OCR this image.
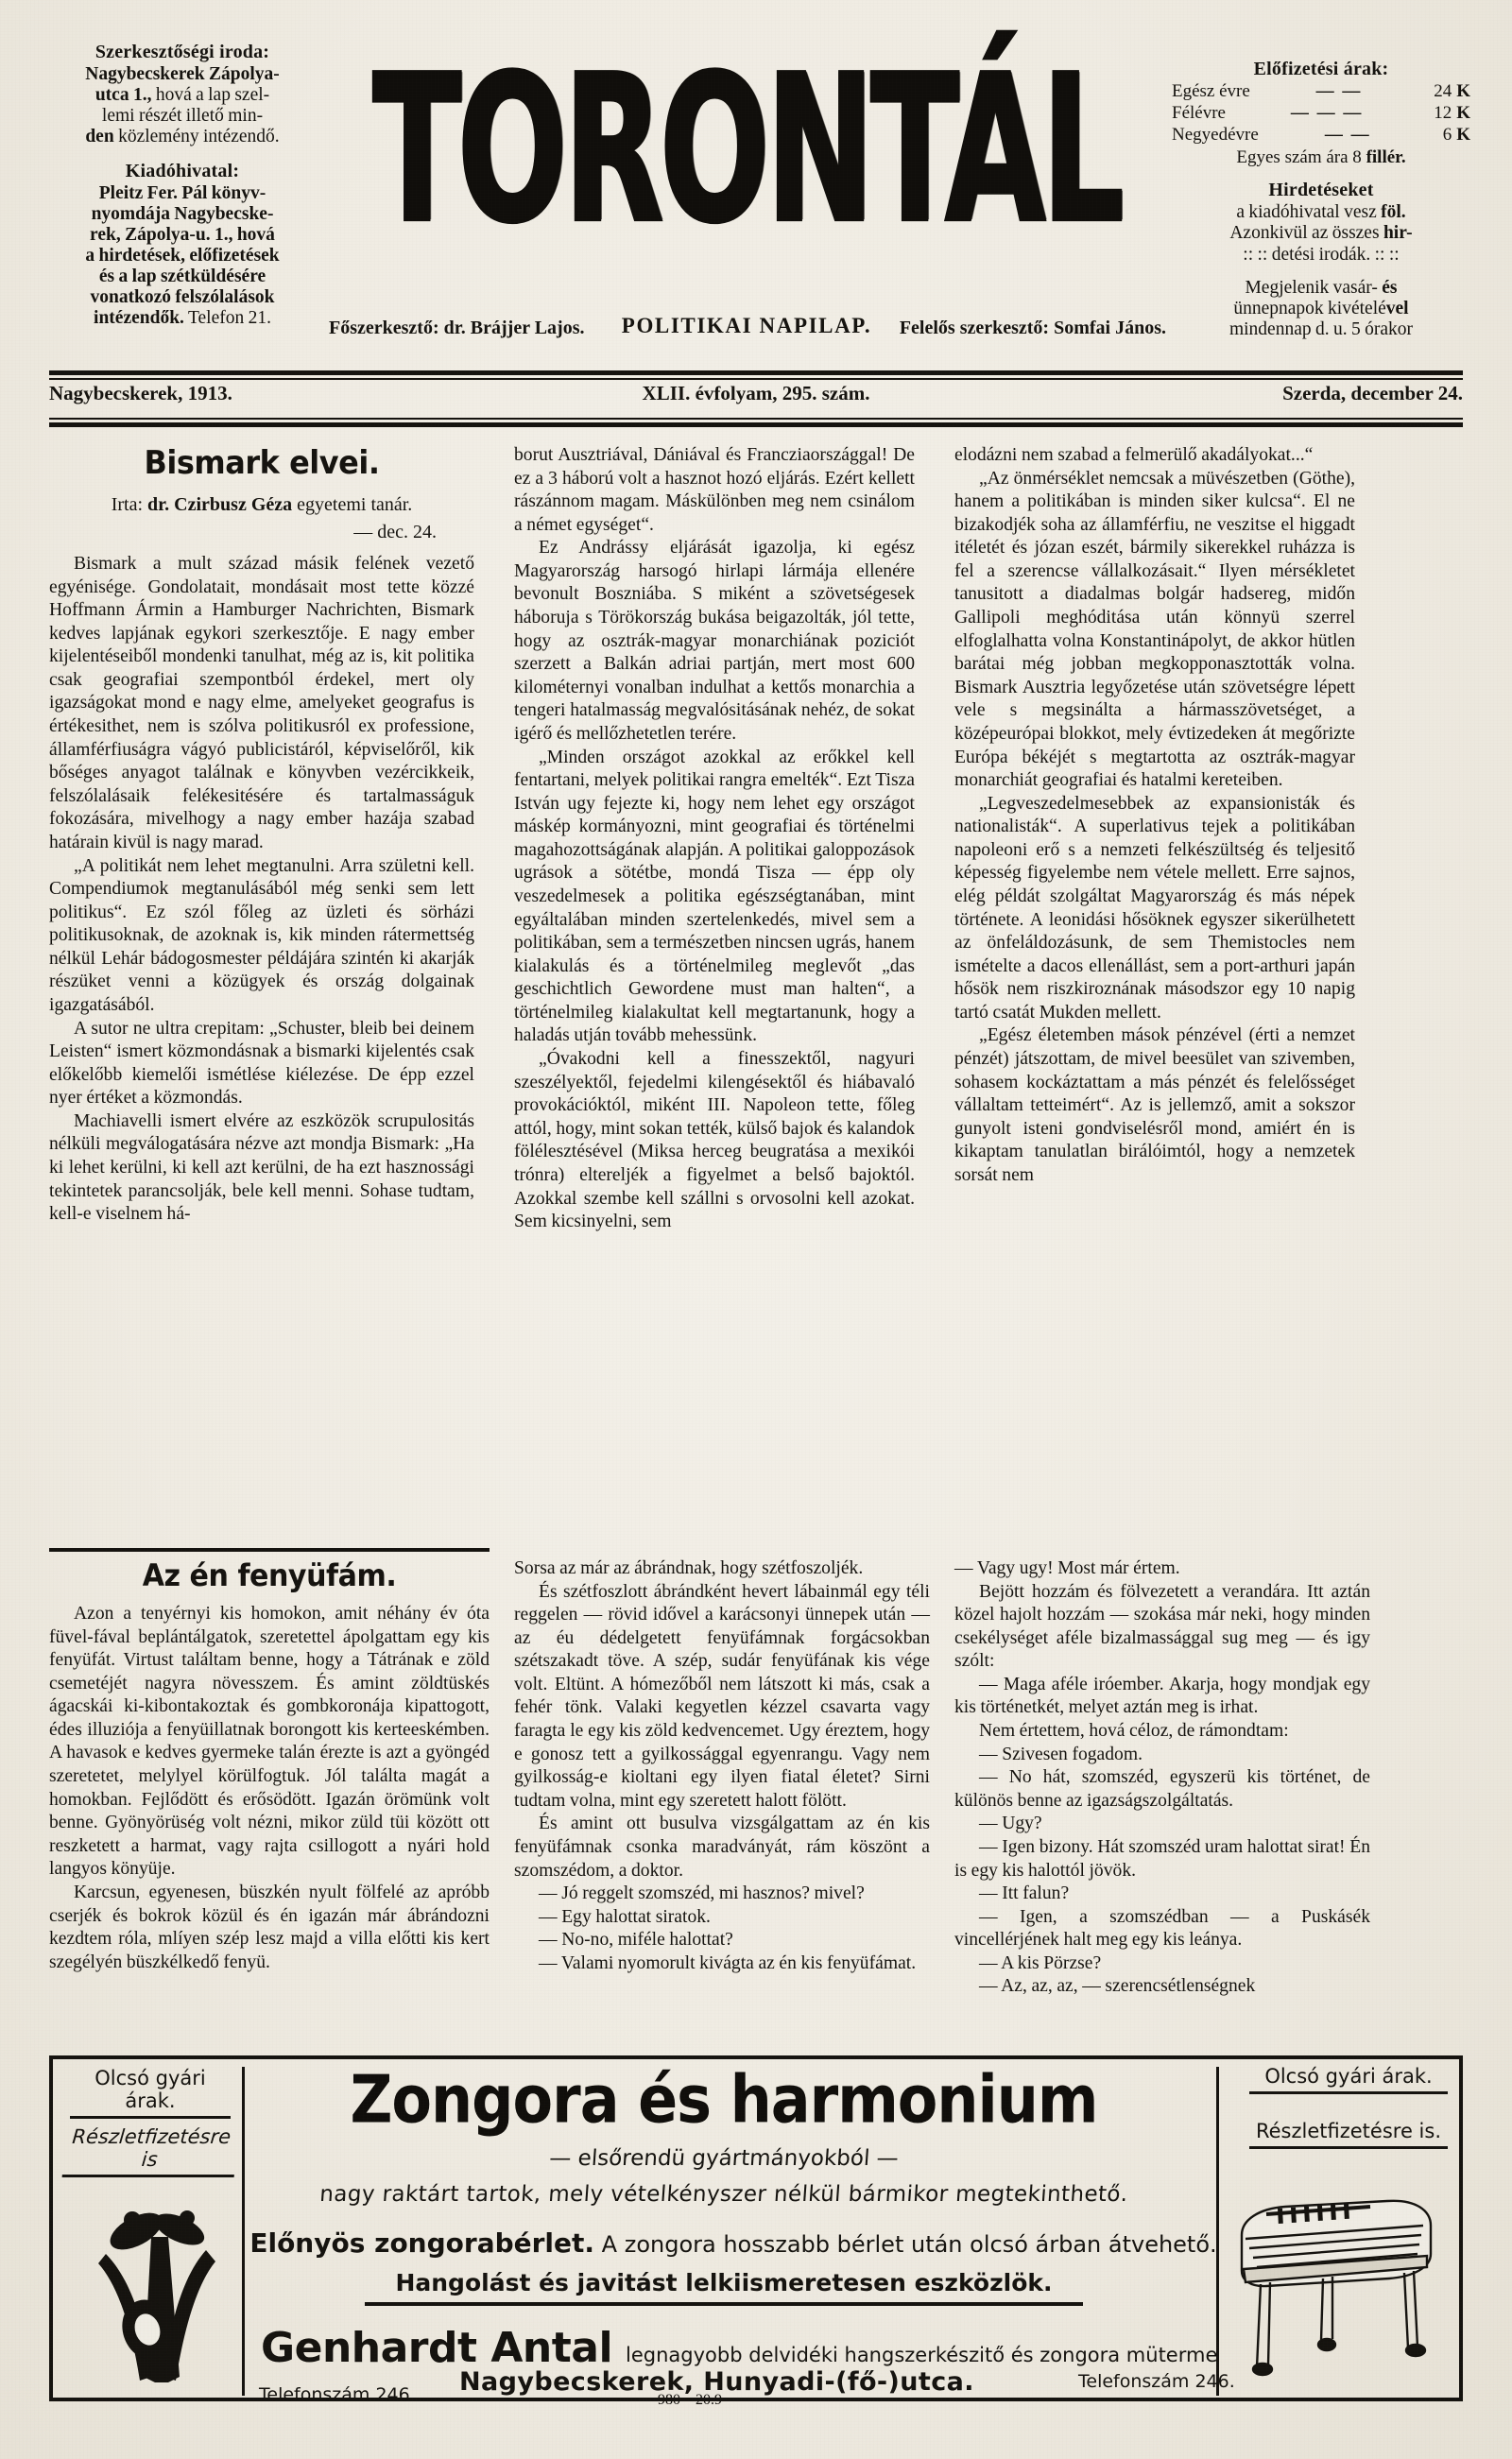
Szerkesztőségi iroda:
Nagybecskerek Zápolya-
utca 1., hová a lap szel-
lemi részét illető min-
den közlemény intézendő.
Kiadóhivatal:
Pleitz Fer. Pál könyv-
nyomdája Nagybecske-
rek, Zápolya-u. 1., hová
a hirdetések, előfizetések
és a lap szétküldésére
vonatkozó felszólalások
intézendők. Telefon 21.
TORONTÁL
POLITIKAI NAPILAP.
Főszerkesztő: dr. Brájjer Lajos.	Felelős szerkesztő: Somfai János.
Előfizetési árak:
Egész évre	— —	24 K
Félévre	— — —	12 K
Negyedévre	— —	6 K
Egyes szám ára 8 fillér.
Hirdetéseket
a kiadóhivatal vesz föl.
Azonkivül az összes hir-
:: :: detési irodák. :: ::
Megjelenik vasár- és
ünnepnapok kivételével
mindennap d. u. 5 órakor
Nagybecskerek, 1913.	XLII. évfolyam, 295. szám.	Szerda, december 24.
Bismark elvei.
Irta: dr. Czirbusz Géza egyetemi tanár.
— dec. 24.

Bismark a mult század másik felének vezető egyénisége. Gondolatait, mondásait most tette közzé Hoffmann Ármin a Hamburger Nachrichten, Bismark kedves lapjának egykori szerkesztője. E nagy ember kijelentéseiből mondenki tanulhat, még az is, kit politika csak geografiai szempontból érdekel, mert oly igazságokat mond e nagy elme, amelyeket geografus is értékesithet, nem is szólva politikusról ex professione, államférfiuságra vágyó publicistáról, képviselőről, kik bőséges anyagot találnak e könyvben vezércikkeik, felszólalásaik felékesitésére és tartalmasságuk fokozására, mivelhogy a nagy ember hazája szabad határain kivül is nagy marad.

„A politikát nem lehet megtanulni. Arra születni kell. Compendiumok megtanulásából még senki sem lett politikus“. Ez szól főleg az üzleti és sörházi politikusoknak, de azoknak is, kik minden rátermettség nélkül Lehár bádogosmester példájára szintén ki akarják részüket venni a közügyek és ország dolgainak igazgatásából.

A sutor ne ultra crepitam: „Schuster, bleib bei deinem Leisten“ ismert közmondásnak a bismarki kijelentés csak előkelőbb kiemelői ismétlése kiélezése. De épp ezzel nyer értéket a közmondás.

Machiavelli ismert elvére az eszközök scrupulositás nélküli megválogatására nézve azt mondja Bismark: „Ha ki lehet kerülni, ki kell azt kerülni, de ha ezt hasznossági tekintetek parancsolják, bele kell menni. Sohase tudtam, kell-e viselnem há-

borut Ausztriával, Dániával és Francziaországgal! De ez a 3 háború volt a hasznot hozó eljárás. Ezért kellett rászánnom magam. Máskülönben meg nem csinálom a német egységet“.

Ez Andrássy eljárását igazolja, ki egész Magyarország harsogó hirlapi lármája ellenére bevonult Boszniába. S miként a szövetségesek háboruja s Törökország bukása beigazolták, jól tette, hogy az osztrák-magyar monarchiának poziciót szerzett a Balkán adriai partján, mert most 600 kilométernyi vonalban indulhat a kettős monarchia a tengeri hatalmasság megvalósitásának nehéz, de sokat igérő és mellőzhetetlen terére.

„Minden országot azokkal az erőkkel kell fentartani, melyek politikai rangra emelték“. Ezt Tisza István ugy fejezte ki, hogy nem lehet egy országot máskép kormányozni, mint geografiai és történelmi magahozottságának alapján. A politikai galoppozások ugrások a sötétbe, mondá Tisza — épp oly veszedelmesek a politika egészségtanában, mint egyáltalában minden szertelenkedés, mivel sem a politikában, sem a természetben nincsen ugrás, hanem kialakulás és a történelmileg meglevőt „das geschichtlich Gewordene must man halten“, a történelmileg kialakultat kell megtartanunk, hogy a haladás utján tovább mehessünk.

„Óvakodni kell a finesszektől, nagyuri szeszélyektől, fejedelmi kilengésektől és hiábavaló provokációktól, miként III. Napoleon tette, főleg attól, hogy, mint sokan tették, külső bajok és kalandok fölélesztésével (Miksa herceg beugratása a mexikói trónra) eltereljék a figyelmet a belső bajoktól. Azokkal szembe kell szállni s orvosolni kell azokat. Sem kicsinyelni, sem

elodázni nem szabad a felmerülő akadályokat...“

„Az önmérséklet nemcsak a müvészetben (Göthe), hanem a politikában is minden siker kulcsa“. El ne bizakodjék soha az államférfiu, ne veszitse el higgadt itéletét és józan eszét, bármily sikerekkel ruházza is fel a szerencse vállalkozásait.“ Ilyen mérsékletet tanusitott a diadalmas bolgár hadsereg, midőn Gallipoli meghóditása után könnyü szerrel elfoglalhatta volna Konstantinápolyt, de akkor hütlen barátai még jobban megkopponasztották volna. Bismark Ausztria legyőzetése után szövetségre lépett vele s megsinálta a hármasszövetséget, a középeurópai blokkot, mely évtizedeken át megőrizte Európa békéjét s megtartotta az osztrák-magyar monarchiát geografiai és hatalmi kereteiben.

„Legveszedelmesebbek az expansionisták és nationalisták“. A superlativus tejek a politikában napoleoni erő s a nemzeti felkészültség és teljesitő képesség figyelembe nem vétele mellett. Erre sajnos, elég példát szolgáltat Magyarország és más népek története. A leonidási hősöknek egyszer sikerülhetett az önfeláldozásunk, de sem Themistocles nem ismételte a dacos ellenállást, sem a port-arthuri japán hősök nem riszkiroznának másodszor egy 10 napig tartó csatát Mukden mellett.

„Egész életemben mások pénzével (érti a nemzet pénzét) játszottam, de mivel beesület van szivemben, sohasem kockáztattam a más pénzét és felelősséget vállaltam tetteimért“. Az is jellemző, amit a sokszor gunyolt isteni gondviselésről mond, amiért én is kikaptam tanulatlan birálóimtól, hogy a nemzetek sorsát nem

Az én fenyüfám.

Azon a tenyérnyi kis homokon, amit néhány év óta füvel-fával beplántálgatok, szeretettel ápolgattam egy kis fenyüfát. Virtust találtam benne, hogy a Tátrának e zöld csemetéjét nagyra növesszem. És amint zöldtüskés ágacskái ki-kibontakoztak és gombkoronája kipattogott, édes illuziója a fenyüillatnak borongott kis kerteeskémben. A havasok e kedves gyermeke talán érezte is azt a gyöngéd szeretetet, melylyel körülfogtuk. Jól találta magát a homokban. Fejlődött és erősödött. Igazán örömünk volt benne. Gyönyörüség volt nézni, mikor züld tüi között ott reszketett a harmat, vagy rajta csillogott a nyári hold langyos könyüje.

Karcsun, egyenesen, büszkén nyult fölfelé az apróbb cserjék és bokrok közül és én igazán már ábrándozni kezdtem róla, mlíyen szép lesz majd a villa előtti kis kert szegélyén büszkélkedő fenyü.

Sorsa az már az ábrándnak, hogy szétfoszoljék.

És szétfoszlott ábrándként hevert lábainmál egy téli reggelen — rövid idővel a karácsonyi ünnepek után — az éu dédelgetett fenyüfámnak forgácsokban szétszakadt töve. A szép, sudár fenyüfának kis vége volt. Eltünt. A hómezőből nem látszott ki más, csak a fehér tönk. Valaki kegyetlen kézzel csavarta vagy faragta le egy kis zöld kedvencemet. Ugy éreztem, hogy e gonosz tett a gyilkossággal egyenrangu. Vagy nem gyilkosság-e kioltani egy ilyen fiatal életet? Sirni tudtam volna, mint egy szeretett halott fölött.

És amint ott busulva vizsgálgattam az én kis fenyüfámnak csonka maradványát, rám köszönt a szomszédom, a doktor.

— Jó reggelt szomszéd, mi hasznos? mivel?

— Egy halottat siratok.

— No-no, miféle halottat?

— Valami nyomorult kivágta az én kis fenyüfámat.

— Vagy ugy! Most már értem.

Bejött hozzám és fölvezetett a verandára. Itt aztán közel hajolt hozzám — szokása már neki, hogy minden csekélységet aféle bizalmassággal sug meg — és igy szólt:

— Maga aféle iróember. Akarja, hogy mondjak egy kis történetkét, melyet aztán meg is irhat.

Nem értettem, hová céloz, de rámondtam:

— Szivesen fogadom.

— No hát, szomszéd, egyszerü kis történet, de különös benne az igazságszolgáltatás.

— Ugy?

— Igen bizony. Hát szomszéd uram halottat sirat! Én is egy kis halottól jövök.

— Itt falun?

— Igen, a szomszédban — a Puskásék vincellérjének halt meg egy kis leánya.

— A kis Pörzse?

— Az, az, az, — szerencsétlenségnek

Olcsó gyári árak.
Részletfizetésre is
Olcsó gyári árak.
Részletfizetésre is.
Zongora és harmonium
— elsőrendü gyártmányokból —
nagy raktárt tartok, mely vételkényszer nélkül bármikor megtekinthető.
Előnyös zongorabérlet. A zongora hosszabb bérlet után olcsó árban átvehető.
Hangolást és javitást lelkiismeretesen eszközlök.
Genhardt Antal legnagyobb delvidéki hangszerkészitő és zongora müterme
Nagybecskerek, Hunyadi-(fő-)utca.	Telefonszám 246.
Telefonszám 246	980—20.9
